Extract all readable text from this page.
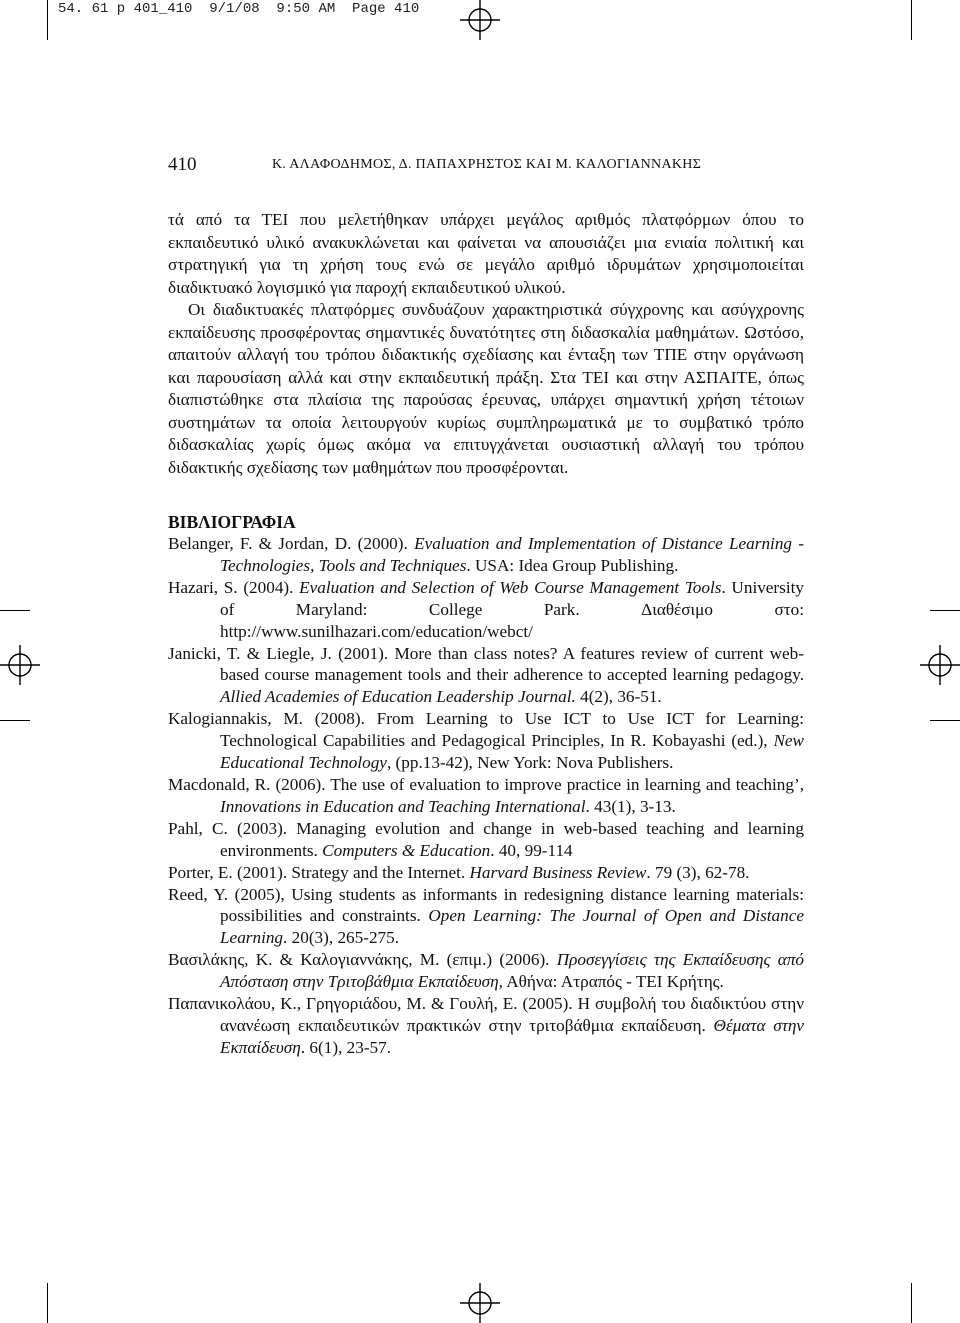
54. 61 p 401_410  9/1/08  9:50 AM  Page 410
410	Κ. ΑΛΑΦΟΔΗΜΟΣ, Δ. ΠΑΠΑΧΡΗΣΤΟΣ ΚΑΙ Μ. ΚΑΛΟΓΙΑΝΝΑΚΗΣ

τά από τα ΤΕΙ που μελετήθηκαν υπάρχει μεγάλος αριθμός πλατφόρμων όπου το εκπαιδευτικό υλικό ανακυκλώνεται και φαίνεται να απουσιάζει μια ενιαία πολιτική και στρατηγική για τη χρήση τους ενώ σε μεγάλο αριθμό ιδρυμάτων χρησιμοποιείται διαδικτυακό λογισμικό για παροχή εκπαιδευτικού υλικού.

Οι διαδικτυακές πλατφόρμες συνδυάζουν χαρακτηριστικά σύγχρονης και ασύγχρονης εκπαίδευσης προσφέροντας σημαντικές δυνατότητες στη διδασκαλία μαθημάτων. Ωστόσο, απαιτούν αλλαγή του τρόπου διδακτικής σχεδίασης και ένταξη των ΤΠΕ στην οργάνωση και παρουσίαση αλλά και στην εκπαιδευτική πράξη. Στα ΤΕΙ και στην ΑΣΠΑΙΤΕ, όπως διαπιστώθηκε στα πλαίσια της παρούσας έρευνας, υπάρχει σημαντική χρήση τέτοιων συστημάτων τα οποία λειτουργούν κυρίως συμπληρωματικά με το συμβατικό τρόπο διδασκαλίας χωρίς όμως ακόμα να επιτυγχάνεται ουσιαστική αλλαγή του τρόπου διδακτικής σχεδίασης των μαθημάτων που προσφέρονται.

ΒΙΒΛΙΟΓΡΑΦΙΑ
Belanger, F. & Jordan, D. (2000). Evaluation and Implementation of Distance Learning - Technologies, Tools and Techniques. USA: Idea Group Publishing.
Hazari, S. (2004). Evaluation and Selection of Web Course Management Tools. University of Maryland: College Park. Διαθέσιμο στο: http://www.sunilhazari.com/education/webct/
Janicki, T. & Liegle, J. (2001). More than class notes? A features review of current web-based course management tools and their adherence to accepted learning pedagogy. Allied Academies of Education Leadership Journal. 4(2), 36-51.
Kalogiannakis, M. (2008). From Learning to Use ICT to Use ICT for Learning: Technological Capabilities and Pedagogical Principles, In R. Kobayashi (ed.), New Educational Technology, (pp.13-42), New York: Nova Publishers.
Macdonald, R. (2006). The use of evaluation to improve practice in learning and teaching’, Innovations in Education and Teaching International. 43(1), 3-13.
Pahl, C. (2003). Managing evolution and change in web-based teaching and learning environments. Computers & Education. 40, 99-114
Porter, E. (2001). Strategy and the Internet. Harvard Business Review. 79 (3), 62-78.
Reed, Y. (2005), Using students as informants in redesigning distance learning materials: possibilities and constraints. Open Learning: The Journal of Open and Distance Learning. 20(3), 265-275.
Βασιλάκης, Κ. & Καλογιαννάκης, Μ. (επιμ.) (2006). Προσεγγίσεις της Εκπαίδευσης από Απόσταση στην Τριτοβάθμια Εκπαίδευση, Αθήνα: Ατραπός - ΤΕΙ Κρήτης.
Παπανικολάου, Κ., Γρηγοριάδου, Μ. & Γουλή, Ε. (2005). Η συμβολή του διαδικτύου στην ανανέωση εκπαιδευτικών πρακτικών στην τριτοβάθμια εκπαίδευση. Θέματα στην Εκπαίδευση. 6(1), 23-57.
